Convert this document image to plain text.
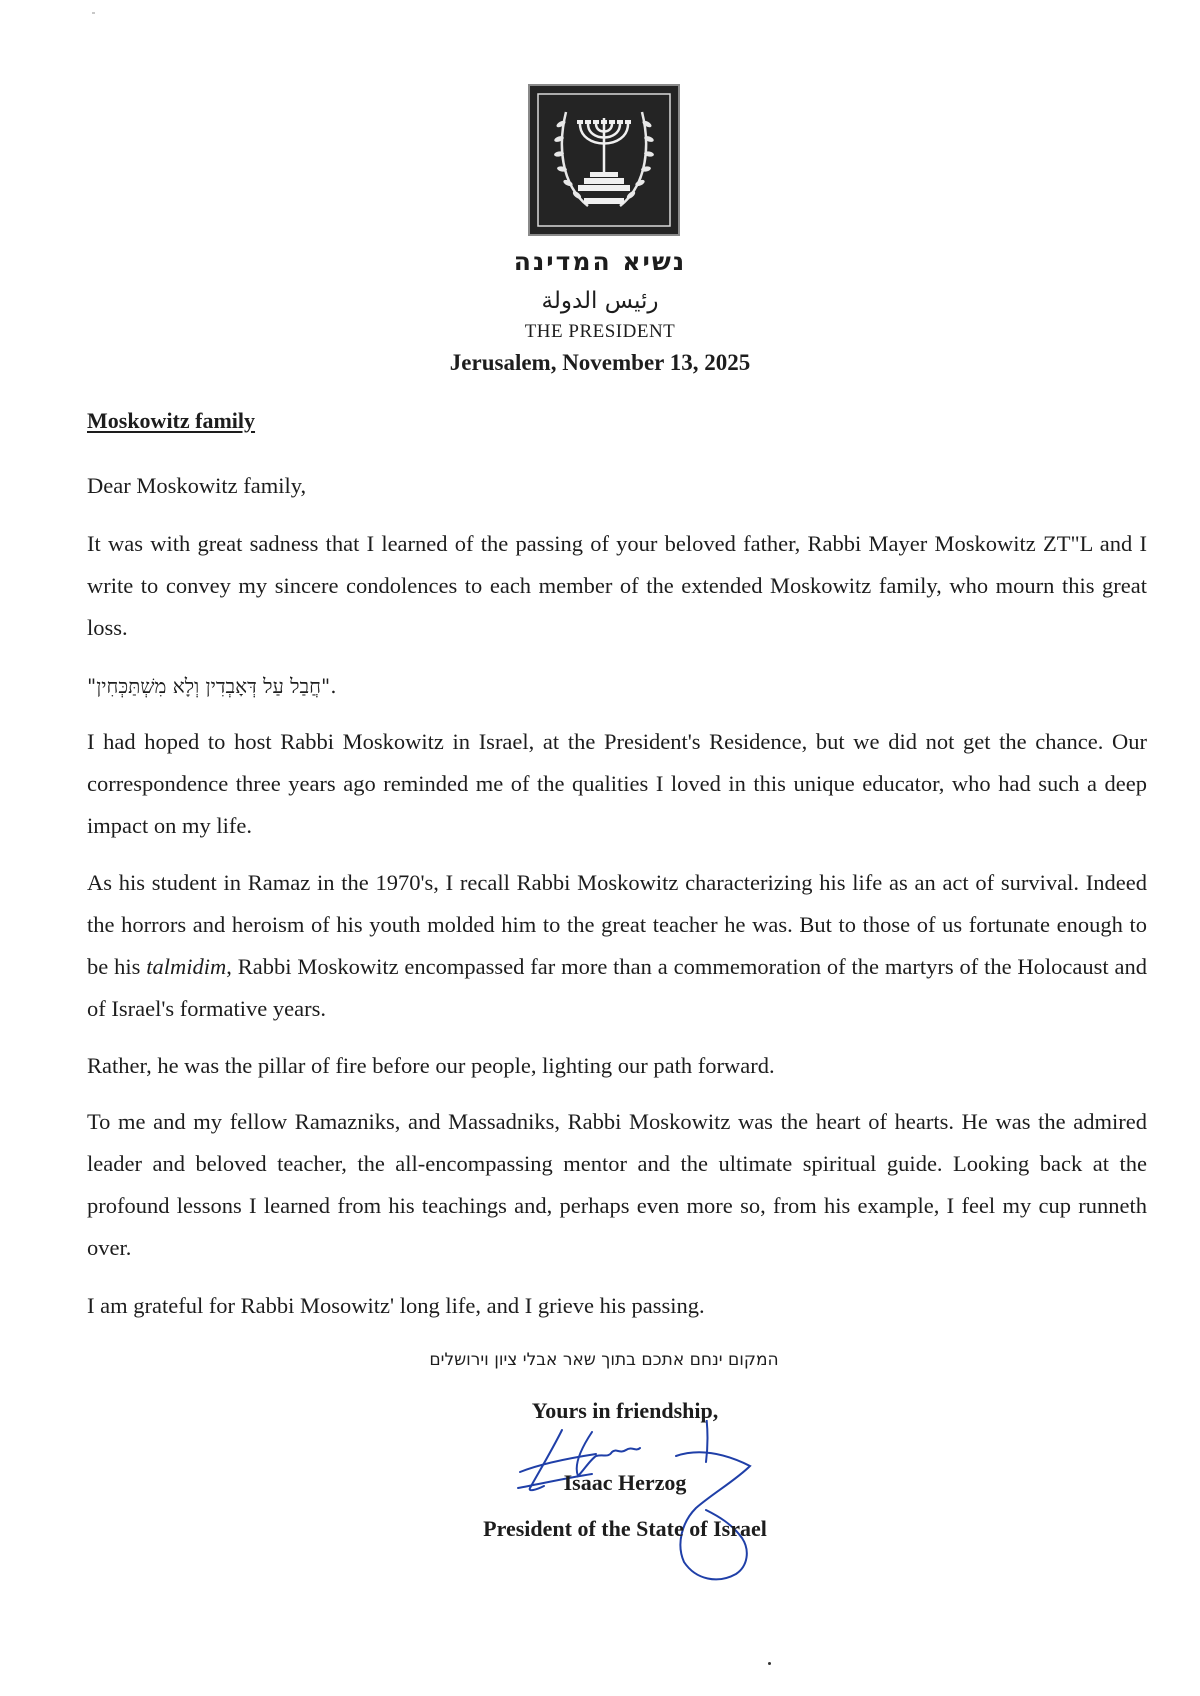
נשיא המדינה
رئيس الدولة
THE PRESIDENT
Jerusalem, November 13, 2025
Moskowitz family
Dear Moskowitz family,
It was with great sadness that I learned of the passing of your beloved father, Rabbi Mayer Moskowitz ZT"L and I write to convey my sincere condolences to each member of the extended Moskowitz family, who mourn this great loss.
"חֲבַל עַל דְּאָבְדִין וְלָא מִשְׁתַּכְּחִין".
I had hoped to host Rabbi Moskowitz in Israel, at the President's Residence, but we did not get the chance. Our correspondence three years ago reminded me of the qualities I loved in this unique educator, who had such a deep impact on my life.
As his student in Ramaz in the 1970's, I recall Rabbi Moskowitz characterizing his life as an act of survival. Indeed the horrors and heroism of his youth molded him to the great teacher he was. But to those of us fortunate enough to be his talmidim, Rabbi Moskowitz encompassed far more than a commemoration of the martyrs of the Holocaust and of Israel's formative years.
Rather, he was the pillar of fire before our people, lighting our path forward.
To me and my fellow Ramazniks, and Massadniks, Rabbi Moskowitz was the heart of hearts. He was the admired leader and beloved teacher, the all-encompassing mentor and the ultimate spiritual guide. Looking back at the profound lessons I learned from his teachings and, perhaps even more so, from his example, I feel my cup runneth over.
I am grateful for Rabbi Mosowitz' long life, and I grieve his passing.
המקום ינחם אתכם בתוך שאר אבלי ציון וירושלים
Yours in friendship,
Isaac Herzog
President of the State of Israel
